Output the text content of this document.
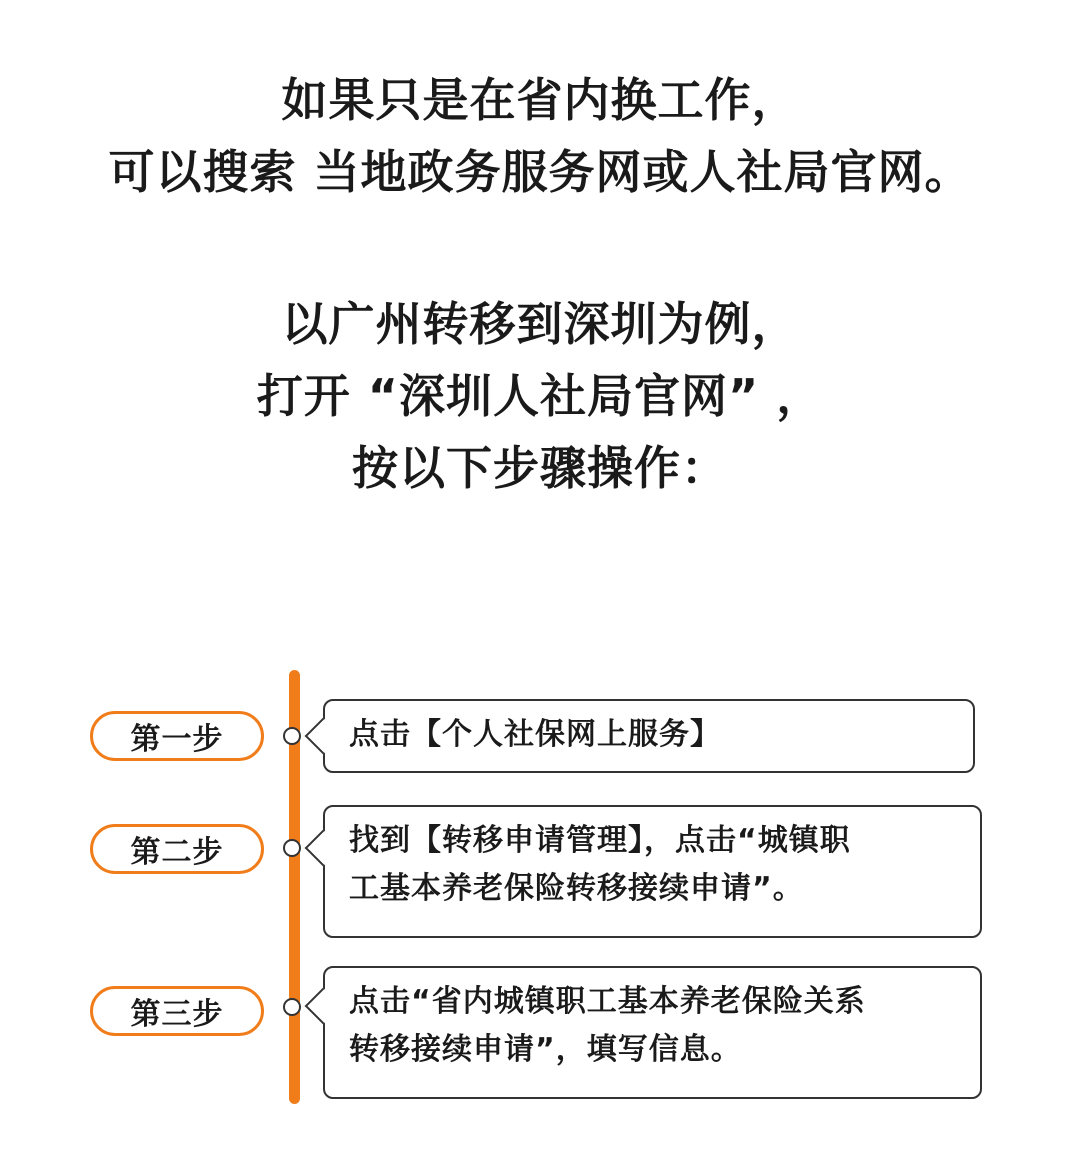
如果只是在省内换工作，
可以搜索 当地政务服务网或人社局官网。
以广州转移到深圳为例，
打开 “深圳人社局官网” ，
按以下步骤操作：
第一步	点击【个人社保网上服务】
第二步	找到【转移申请管理】，点击“城镇职
工基本养老保险转移接续申请”。
第三步	点击“省内城镇职工基本养老保险关系
转移接续申请”，填写信息。
